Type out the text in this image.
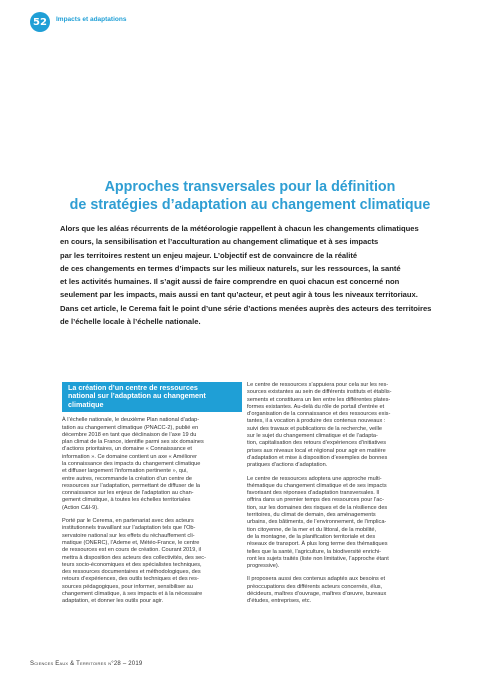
52 Impacts et adaptations
Approches transversales pour la définition
de stratégies d’adaptation au changement climatique
Alors que les aléas récurrents de la météorologie rappellent à chacun les changements climatiques
en cours, la sensibilisation et l’acculturation au changement climatique et à ses impacts
par les territoires restent un enjeu majeur. L’objectif est de convaincre de la réalité
de ces changements en termes d’impacts sur les milieux naturels, sur les ressources, la santé
et les activités humaines. Il s’agit aussi de faire comprendre en quoi chacun est concerné non
seulement par les impacts, mais aussi en tant qu’acteur, et peut agir à tous les niveaux territoriaux.
Dans cet article, le Cerema fait le point d’une série d’actions menées auprès des acteurs des territoires
de l’échelle locale à l’échelle nationale.
La création d’un centre de ressources
national sur l’adaptation au changement
climatique

À l’échelle nationale, le deuxième Plan national d’adap-
tation au changement climatique (PNACC-2), publié en
décembre 2018 en tant que déclinaison de l’axe 19 du
plan climat de la France, identifie parmi ses six domaines
d’actions prioritaires, un domaine « Connaissance et
information ». Ce domaine contient un axe « Améliorer
la connaissance des impacts du changement climatique
et diffuser largement l’information pertinente », qui,
entre autres, recommande la création d’un centre de
ressources sur l’adaptation, permettant de diffuser de la
connaissance sur les enjeux de l’adaptation au chan-
gement climatique, à toutes les échelles territoriales
(Action C&I-9).

Porté par le Cerema, en partenariat avec des acteurs
institutionnels travaillant sur l’adaptation tels que l’Ob-
servatoire national sur les effets du réchauffement cli-
matique (ONERC), l’Ademe et, Météo-France, le centre
de ressources est en cours de création. Courant 2019, il
mettra à disposition des acteurs des collectivités, des sec-
teurs socio-économiques et des spécialistes techniques,
des ressources documentaires et méthodologiques, des
retours d’expériences, des outils techniques et des res-
sources pédagogiques, pour informer, sensibiliser au
changement climatique, à ses impacts et à la nécessaire
adaptation, et donner les outils pour agir.

Le centre de ressources s’appuiera pour cela sur les res-
sources existantes au sein de différents instituts et établis-
sements et constituera un lien entre les différentes plates-
formes existantes. Au-delà du rôle de portail d’entrée et
d’organisation de la connaissance et des ressources exis-
tantes, il a vocation à produire des contenus nouveaux :
suivi des travaux et publications de la recherche, veille
sur le sujet du changement climatique et de l’adapta-
tion, capitalisation des retours d’expériences d’initiatives
prises aux niveaux local et régional pour agir en matière
d’adaptation et mise à disposition d’exemples de bonnes
pratiques d’actions d’adaptation.

Le centre de ressources adoptera une approche multi-
thématique du changement climatique et de ses impacts
favorisant des réponses d’adaptation transversales. Il
offrira dans un premier temps des ressources pour l’ac-
tion, sur les domaines des risques et de la résilience des
territoires, du climat de demain, des aménagements
urbains, des bâtiments, de l’environnement, de l’implica-
tion citoyenne, de la mer et du littoral, de la mobilité,
de la montagne, de la planification territoriale et des
réseaux de transport. À plus long terme des thématiques
telles que la santé, l’agriculture, la biodiversité enrichi-
ront les sujets traités (liste non limitative, l’approche étant
progressive).

Il proposera aussi des contenus adaptés aux besoins et
préoccupations des différents acteurs concernés, élus,
décideurs, maîtres d’ouvrage, maîtres d’œuvre, bureaux
d’études, entreprises, etc.

Sciences Eaux & Territoires n°28 – 2019
